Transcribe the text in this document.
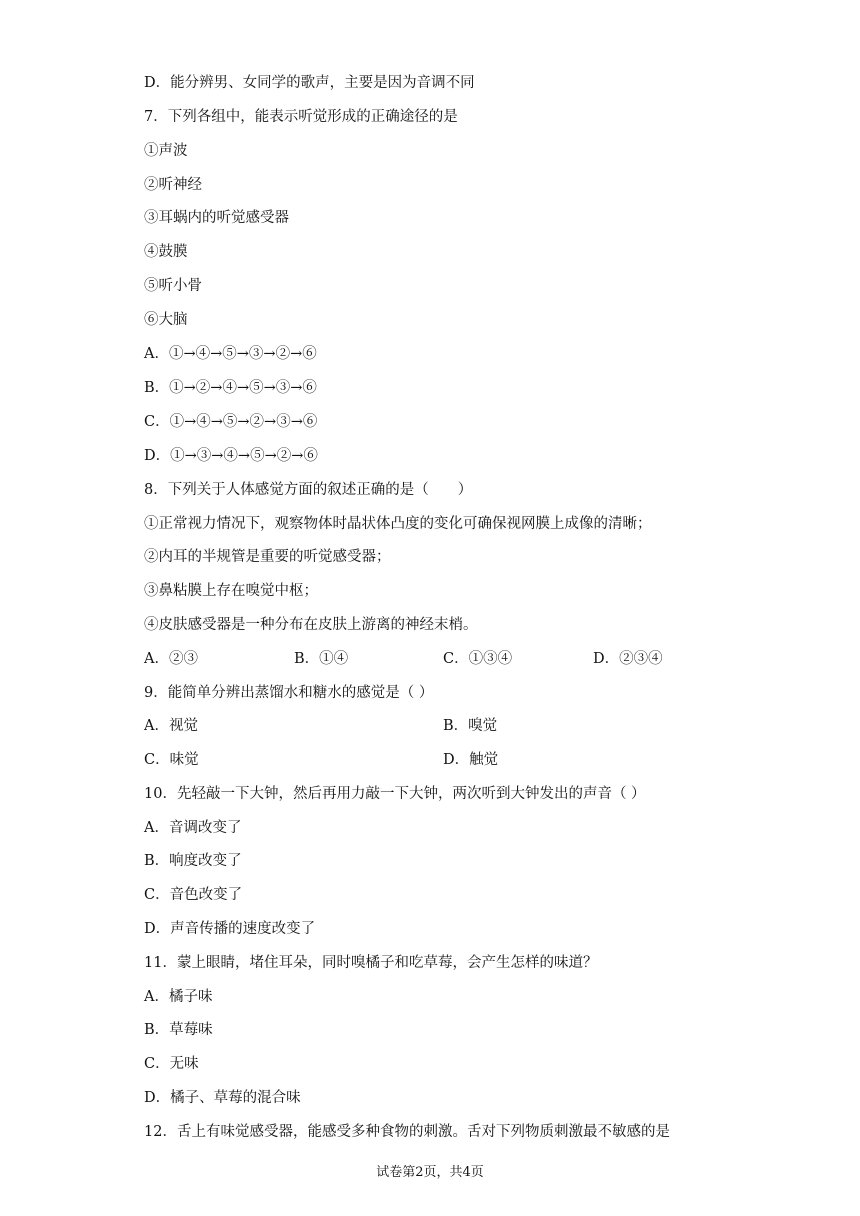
D．能分辨男、女同学的歌声，主要是因为音调不同
7．下列各组中，能表示听觉形成的正确途径的是
①声波
②听神经
③耳蜗内的听觉感受器
④鼓膜
⑤听小骨
⑥大脑
A．①→④→⑤→③→②→⑥
B．①→②→④→⑤→③→⑥
C．①→④→⑤→②→③→⑥
D．①→③→④→⑤→②→⑥
8．下列关于人体感觉方面的叙述正确的是（　　）
①正常视力情况下，观察物体时晶状体凸度的变化可确保视网膜上成像的清晰；
②内耳的半规管是重要的听觉感受器；
③鼻粘膜上存在嗅觉中枢；
④皮肤感受器是一种分布在皮肤上游离的神经末梢。
A．②③	B．①④	C．①③④	D．②③④
9．能简单分辨出蒸馏水和糖水的感觉是（ ）
A．视觉	B．嗅觉
C．味觉	D．触觉
10．先轻敲一下大钟，然后再用力敲一下大钟，两次听到大钟发出的声音（ ）
A．音调改变了
B．响度改变了
C．音色改变了
D．声音传播的速度改变了
11．蒙上眼睛，堵住耳朵，同时嗅橘子和吃草莓，会产生怎样的味道？
A．橘子味
B．草莓味
C．无味
D．橘子、草莓的混合味
12．舌上有味觉感受器，能感受多种食物的刺激。舌对下列物质刺激最不敏感的是
试卷第2页，共4页
